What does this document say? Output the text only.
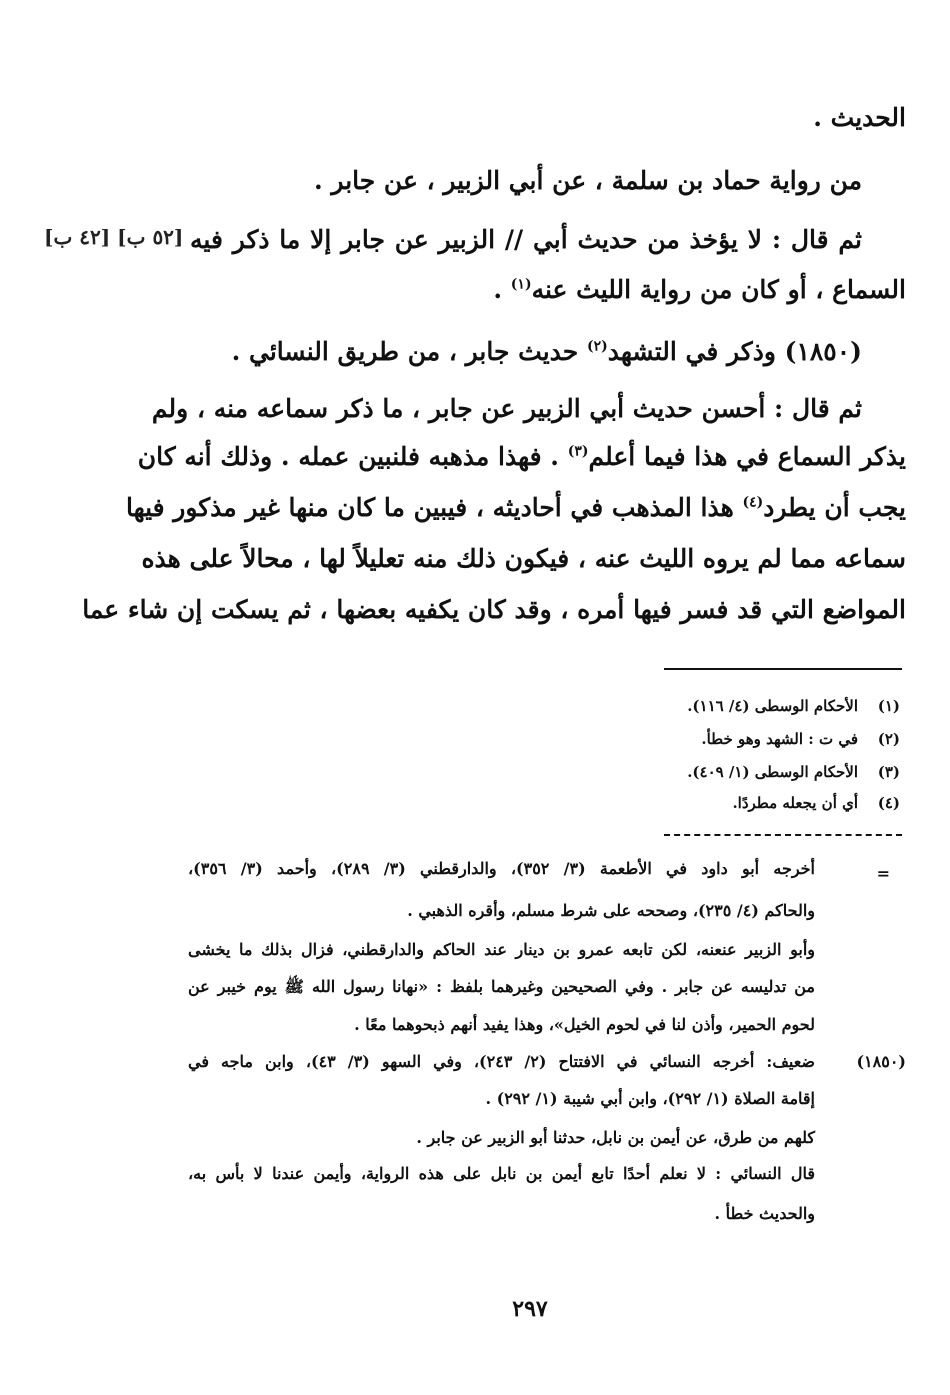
الحديث .
من رواية حماد بن سلمة ، عن أبي الزبير ، عن جابر .
ثم قال : لا يؤخذ من حديث أبي // الزبير عن جابر إلا ما ذكر فيه
السماع ، أو كان من رواية الليث عنه$^{(١)}$ .
(١٨٥٠) وذكر في التشهد$^{(٢)}$ حديث جابر ، من طريق النسائي .
ثم قال : أحسن حديث أبي الزبير عن جابر ، ما ذكر سماعه منه ، ولم
يذكر السماع في هذا فيما أعلم$^{(٣)}$ . فهذا مذهبه فلنبين عمله . وذلك أنه كان
يجب أن يطرد$^{(٤)}$ هذا المذهب في أحاديثه ، فيبين ما كان منها غير مذكور فيها
سماعه مما لم يروه الليث عنه ، فيكون ذلك منه تعليلاً لها ، محالاً على هذه
المواضع التي قد فسر فيها أمره ، وقد كان يكفيه بعضها ، ثم يسكت إن شاء عما
[٥٢ ب] [٤٢ ب]
(١)
الأحكام الوسطى (٤/ ١١٦).
(٢)
في ت : الشهد وهو خطأ.
(٣)
الأحكام الوسطى (١/ ٤٠٩).
(٤)
أي أن يجعله مطردًا.
=
أخرجه أبو داود في الأطعمة (٣/ ٣٥٢)، والدارقطني (٣/ ٢٨٩)، وأحمد (٣/ ٣٥٦)،
والحاكم (٤/ ٢٣٥)، وصححه على شرط مسلم، وأقره الذهبي .
وأبو الزبير عنعنه، لكن تابعه عمرو بن دينار عند الحاكم والدارقطني، فزال بذلك ما يخشى
من تدليسه عن جابر . وفي الصحيحين وغيرهما بلفظ : «نهانا رسول الله ﷺ يوم خيبر عن
لحوم الحمير، وأذن لنا في لحوم الخيل»، وهذا يفيد أنهم ذبحوهما معًا .
(١٨٥٠)
ضعيف: أخرجه النسائي في الافتتاح (٢/ ٢٤٣)، وفي السهو (٣/ ٤٣)، وابن ماجه في
إقامة الصلاة (١/ ٢٩٢)، وابن أبي شيبة (١/ ٢٩٢) .
كلهم من طرق، عن أيمن بن نابل، حدثنا أبو الزبير عن جابر .
قال النسائي : لا نعلم أحدًا تابع أيمن بن نابل على هذه الرواية، وأيمن عندنا لا بأس به،
والحديث خطأ .
٢٩٧
